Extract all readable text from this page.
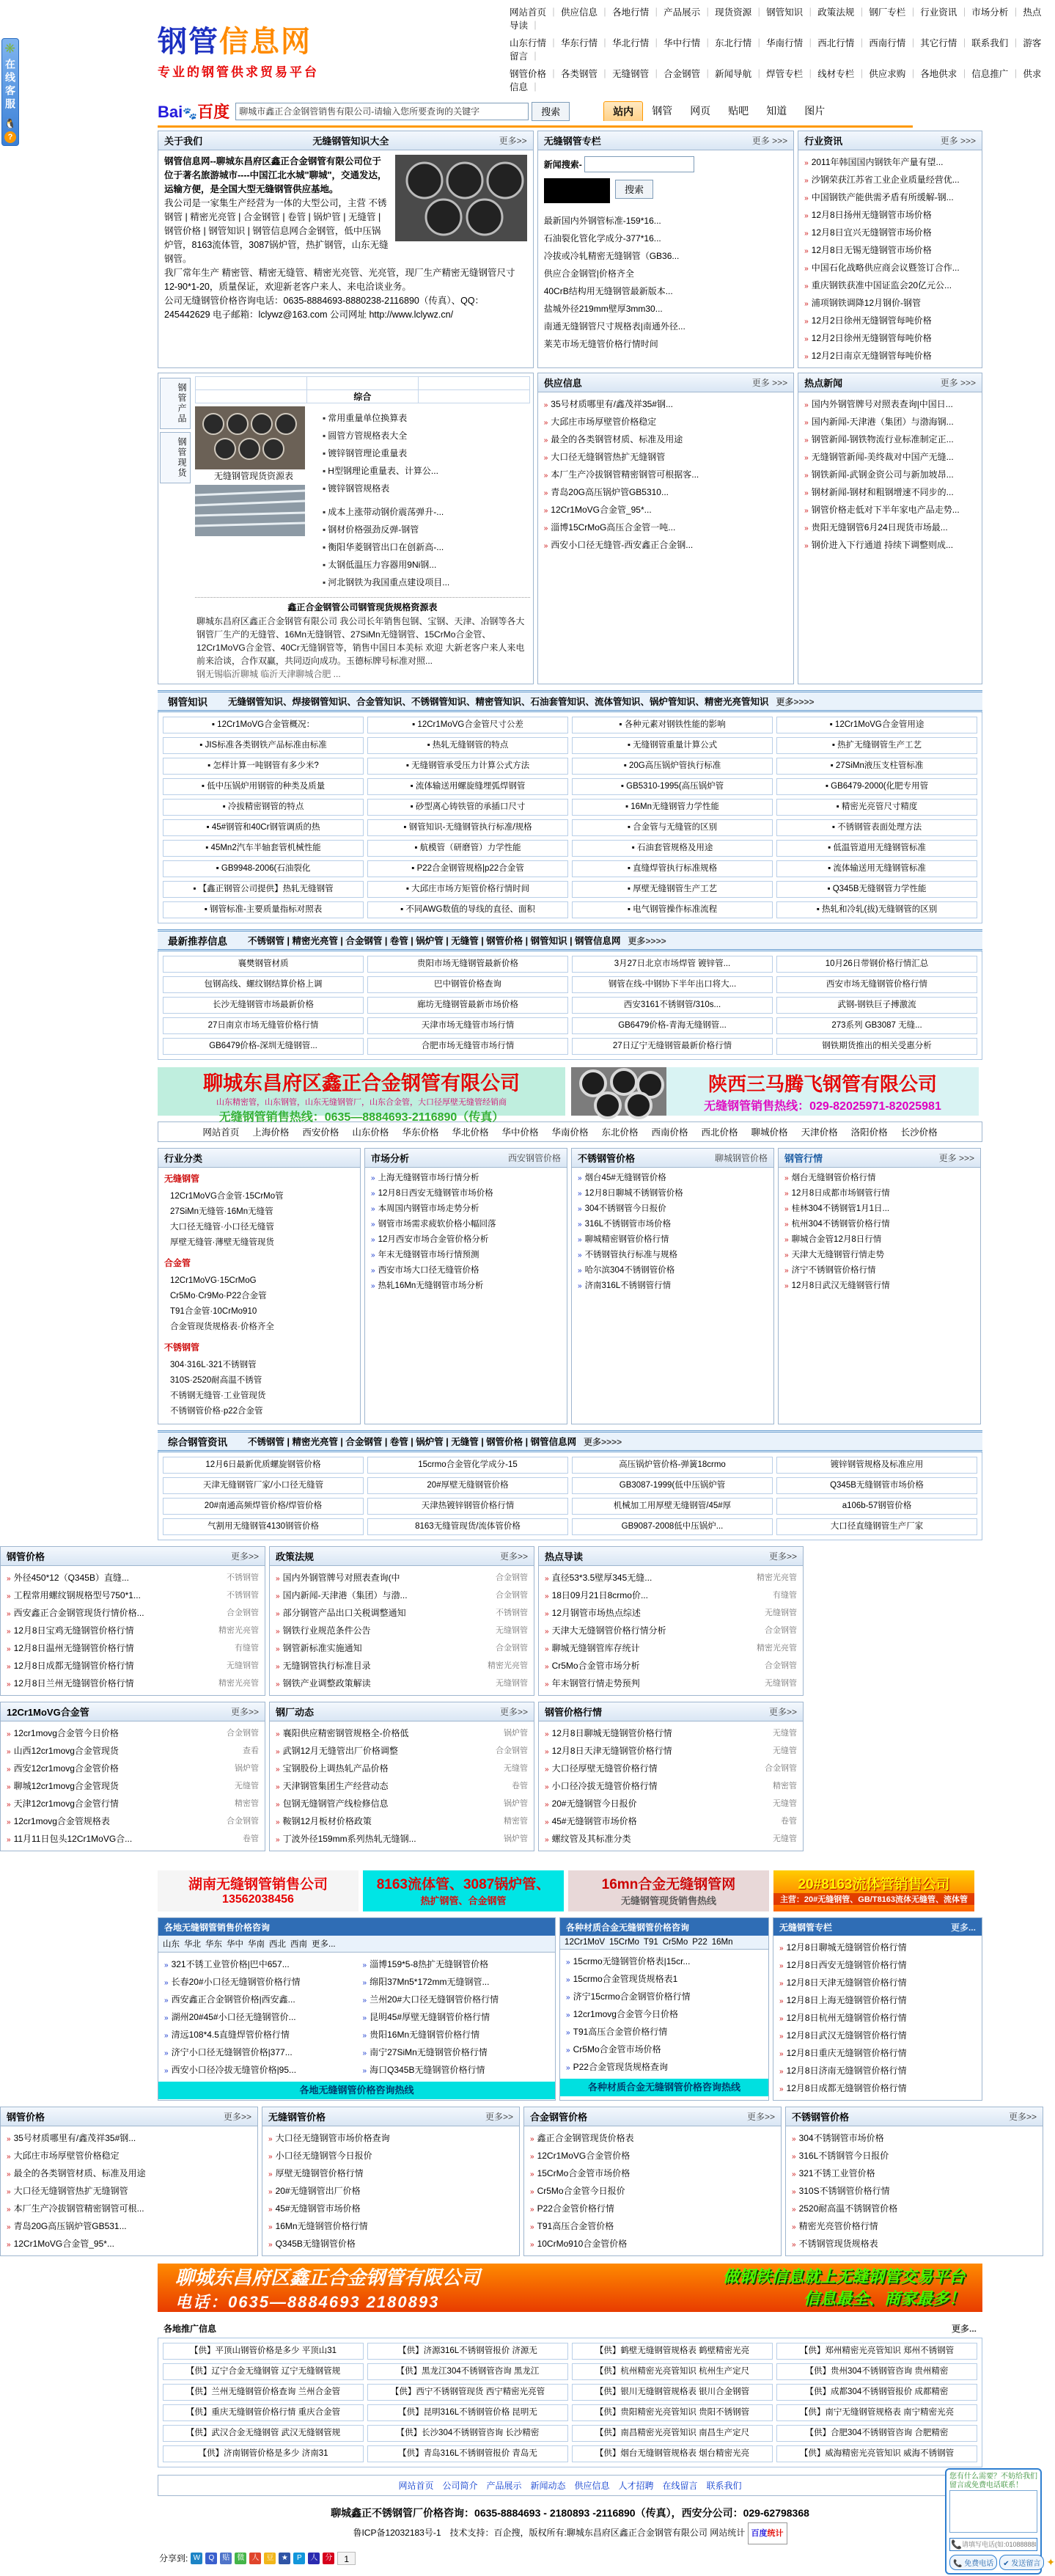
✳️
在线客服
🐧
?
钢管信息网
专业的钢管供求贸易平台
网站首页 ｜ 供应信息 ｜ 各地行情 ｜ 产品展示 ｜ 现货资源 ｜ 钢管知识 ｜ 政策法规 ｜ 钢厂专栏 ｜ 行业资讯 ｜ 市场分析 ｜ 热点导读 ｜
山东行情 ｜ 华东行情 ｜ 华北行情 ｜ 华中行情 ｜ 东北行情 ｜ 华南行情 ｜ 西北行情 ｜ 西南行情 ｜ 其它行情 ｜ 联系我们 ｜ 游客留言 ｜
钢管价格 ｜ 各类钢管 ｜ 无缝钢管 ｜ 合金钢管 ｜ 新闻导航 ｜ 焊管专栏 ｜ 线材专栏 ｜ 供应求购 ｜ 各地供求 ｜ 信息推广 ｜ 供求信息 ｜
Bai🐾百度
聊城市鑫正合金钢管销售有限公司-请输入您所要查询的关键字	搜索	站内	钢管	网页	贴吧	知道	图片
关于我们	无缝钢管知识大全	更多>>

钢管信息网--聊城东昌府区鑫正合金钢管有限公司位于位于著名旅游城市----中国江北水城"聊城"，交通发达，运输方便，是全国大型无缝钢管供应基地。

我公司是一家集生产经营为一体的大型公司，主营 不锈钢管 | 精密光亮管 | 合金钢管 | 卷管 | 锅炉管 | 无缝管 | 钢管价格 | 钢管知识 | 钢管信息网合金钢管，低中压锅炉管，8163流体管，3087锅炉管，热扩钢管，山东无缝钢管。

我厂常年生产 精密管、精密无缝管、精密光亮管、光亮管，现厂生产精密无缝钢管尺寸12-90*1-20，质量保证，欢迎新老客户来人、来电洽谈业务。

公司无缝钢管价格咨询电话：0635-8884693-8880238-2116890（传真）、QQ：245442629 电子邮箱：lclywz@163.com 公司网址 http://www.lclywz.cn/

无缝钢管专栏	更多 >>>
新闻搜索-
搜索
最新国内外钢管标准-159*16...
石油裂化管化学成分-377*16...
冷拔或冷轧精密无缝钢管（GB36...
供应合金钢管|价格齐全
40CrB结构用无缝钢管最新版本...
盐城外径219mm壁厚3mm30...
南通无缝钢管尺寸规格表|南通外径...
莱芜市场无缝管价格行情时间
行业资讯	更多 >>>
» 2011年韩国国内钢铁年产量有望...
» 沙钢荣获江苏省工业企业质量经营优...
» 中国钢铁产能供需矛盾有所缓解-钢...
» 12月8日扬州无缝钢管市场价格
» 12月8日宜兴无缝钢管市场价格
» 12月8日无锡无缝钢管市场价格
» 中国石化战略供应商会议暨签订合作...
» 重庆钢铁获准中国证监会20亿元公...
» 浦项钢铁调降12月钢价-钢管
» 12月2日徐州无缝钢管每吨价格
» 12月2日徐州无缝钢管每吨价格
» 12月2日南京无缝钢管每吨价格
钢管产品
钢管现货

	综合	
无缝钢管现货资源表
▪ 常用重量单位换算表
▪ 圆管方管规格表大全
▪ 镀锌钢管理论重量表
▪ H型钢理论重量表、计算公...
▪ 镀锌钢管规格表
▪ 成本上涨带动钢价震荡弹升-...
▪ 钢材价格强劲反弹-钢管
▪ 衡阳华菱钢管出口在创新高-...
▪ 太钢低温压力容器用9Ni钢...
▪ 河北钢铁为我国重点建设项目...
鑫正合金钢管公司钢管现货规格资源表
聊城东昌府区鑫正合金钢管有限公司 我公司长年销售包钢、宝钢、天津、冶钢等各大钢管厂生产的无缝管、16Mn无缝钢管、27SiMn无缝钢管、15CrMo合金管、12Cr1MoVG合金管、40Cr无缝钢管等，销售中国日本美标 欢迎 大新老客户来人来电前来洽谈，合作双赢，共同迈向成功。玉德标牌号标准对照...
钢无锡临沂聊城 临沂天津聊城合肥 ...
供应信息	更多 >>>
» 35号材质哪里有/鑫茂祥35#钢...
» 大邱庄市场厚壁管价格稳定
» 最全的各类钢管材质、标准及用途
» 大口径无缝钢管热扩无缝钢管
» 本厂生产冷拔钢管精密钢管可根据客...
» 青岛20G高压锅炉管GB5310...
» 12Cr1MoVG合金管_95*...
» 淄博15CrMoG高压合金管一吨...
» 西安小口径无缝管-西安鑫正合金钢...
热点新闻	更多 >>>
» 国内外钢管牌号对照表查询|中国日...
» 国内新闻-天津港（集团）与渤海钢...
» 钢管新闻-钢铁物流行业标准制定正...
» 无缝钢管新闻-美终裁对中国产无缝...
» 钢铁新闻-武钢金资公司与新加坡昂...
» 钢材新闻-钢材和粗钢增速不同步的...
» 钢管价格走低对下半年家电产品走势...
» 贵阳无缝钢管6月24日现货市场最...
» 钢价进入下行通道 持续下调整则成...
钢管知识 无缝钢管知识、焊接钢管知识、合金管知识、不锈钢管知识、精密管知识、石油套管知识、流体管知识、锅炉管知识、精密光亮管知识 更多>>>>
▪ 12Cr1MoVG合金管概况：	▪ 12Cr1MoVG合金管尺寸公差	▪ 各种元素对钢铁性能的影响	▪ 12Cr1MoVG合金管用途
▪ JIS标准各类钢铁产品标准由标准	▪ 热轧无缝钢管的特点	▪ 无缝钢管重量计算公式	▪ 热扩无缝钢管生产工艺
▪ 怎样计算一吨钢管有多少米?	▪ 无缝钢管承受压力计算公式方法	▪ 20G高压锅炉管执行标准	▪ 27SiMn液压支柱管标准
▪ 低中压锅炉用钢管的种类及质量	▪ 流体输送用螺旋缝埋弧焊钢管	▪ GB5310-1995(高压锅炉管	▪ GB6479-2000(化肥专用管
▪ 冷拔精密钢管的特点	▪ 砂型离心铸铁管的承插口尺寸	▪ 16Mn无缝钢管力学性能	▪ 精密光亮管尺寸精度
▪ 45#钢管和40Cr钢管调质的热	▪ 钢管知识-无缝钢管执行标准/规格	▪ 合金管与无缝管的区别	▪ 不锈钢管表面处理方法
▪ 45Mn2汽车半轴套管机械性能	▪ 航模管（研磨管）力学性能	▪ 石油套管规格及用途	▪ 低温管道用无缝钢管标准
▪ GB9948-2006(石油裂化	▪ P22合金钢管规格|p22合金管	▪ 直缝焊管执行标准规格	▪ 流体输送用无缝钢管标准
▪ 【鑫正钢管公司提供】热轧无缝钢管	▪ 大邱庄市场方矩管价格行情时间	▪ 厚壁无缝钢管生产工艺	▪ Q345B无缝钢管力学性能
▪ 钢管标准-主要质量指标对照表	▪ 不同AWG数值的导线的直径、面积	▪ 电气钢管操作标准流程	▪ 热轧和冷轧(拔)无缝钢管的区别
最新推荐信息 不锈钢管 | 精密光亮管 | 合金钢管 | 卷管 | 锅炉管 | 无缝管 | 钢管价格 | 钢管知识 | 钢管信息网 更多>>>>
襄樊钢管材质	贵阳市场无缝钢管最新价格	3月27日北京市场焊管 镀锌管...	10月26日带钢价格行情汇总
包钢高线、螺纹钢结算价格上调	巴中钢管价格查询	钢管在线-中钢协下半年出口将大...	西安市场无缝钢管价格行情
长沙无缝钢管市场最新价格	廊坊无缝钢管最新市场价格	西安3161不锈钢管/310s...	武钢-钢铁巨子搏激流
27日南京市场无缝管价格行情	天津市场无缝管市场行情	GB6479价格-青海无缝钢管...	273系列 GB3087 无缝...
GB6479价格-深圳无缝钢管...	合肥市场无缝管市场行情	27日辽宁无缝钢管最新价格行情	钢铁期货推出的相关受惠分析
聊城东昌府区鑫正合金钢管有限公司
山东精密管，山东钢管，山东无缝钢管厂，山东合金管，大口径厚壁无缝管经销商
无缝钢管销售热线：0635—8884693-2116890（传真）
陕西三马腾飞钢管有限公司
无缝钢管销售热线：029-82025971-82025981
网站首页 上海价格 西安价格 山东价格 华东价格 华北价格 华中价格 华南价格 东北价格 西南价格 西北价格 聊城价格 天津价格 洛阳价格 长沙价格
行业分类
无缝钢管
12Cr1MoVG合金管·15CrMo管
27SiMn无缝管·16Mn无缝管
大口径无缝管·小口径无缝管
厚壁无缝管·薄壁无缝管现货
合金管
12Cr1MoVG·15CrMoG
Cr5Mo·Cr9Mo·P22合金管
T91合金管·10CrMo910
合金管现货规格表·价格齐全
不锈钢管
304·316L·321不锈钢管
310S·2520耐高温不锈管
不锈钢无缝管·工业管现货
不锈钢管价格·p22合金管
市场分析	西安钢管价格
» 上海无缝钢管市场行情分析
» 12月8日西安无缝钢管市场价格
» 本周国内钢管市场走势分析
» 钢管市场需求疲软价格小幅回落
» 12月西安市场合金管价格分析
» 年末无缝钢管市场行情预测
» 西安市场大口径无缝管价格
» 热轧16Mn无缝钢管市场分析
不锈钢管价格	聊城钢管价格
» 烟台45#无缝钢管价格
» 12月8日聊城不锈钢管价格
» 304不锈钢管今日报价
» 316L不锈钢管市场价格
» 聊城精密钢管价格行情
» 不锈钢管执行标准与规格
» 哈尔滨304不锈钢管价格
» 济南316L不锈钢管行情
钢管行情	更多 >>>
» 烟台无缝钢管价格行情
» 12月8日成都市场钢管行情
» 桂林304不锈钢管1月1日...
» 杭州304不锈钢管价格行情
» 聊城合金管12月8日行情
» 天津大无缝钢管行情走势
» 济宁不锈钢管价格行情
» 12月8日武汉无缝钢管行情
综合钢管资讯 不锈钢管 | 精密光亮管 | 合金钢管 | 卷管 | 锅炉管 | 无缝管 | 钢管价格 | 钢管信息网 更多>>>>
12月6日最新优质螺旋钢管价格	15crmo合金管化学成分-15	高压锅炉管价格-弹簧18crmo	镀锌钢管规格及标准应用
天津无缝钢管厂家/小口径无缝管	20#厚壁无缝钢管价格	GB3087-1999(低中压锅炉管	Q345B无缝钢管市场价格
20#南通高频焊管价格/焊管价格	天津热镀锌钢管价格行情	机械加工用厚壁无缝钢管/45#厚	a106b-57钢管价格
气割用无缝钢管4130钢管价格	8163无缝管现货/流体管价格	GB9087-2008低中压锅炉...	大口径直缝钢管生产厂家
钢管价格	更多>>
» 外径450*12（Q345B）直缝...	不锈钢管
» 工程常用螺纹钢规格型号750*1...	不锈钢管
» 西安鑫正合金钢管现货行情价格...	合金钢管
» 12月8日宝鸡无缝钢管价格行情	精密光亮管
» 12月8日温州无缝钢管价格行情	有缝管
» 12月8日成都无缝钢管价格行情	无缝钢管
» 12月8日兰州无缝钢管价格行情	精密光亮管
政策法规	更多>>
» 国内外钢管牌号对照表查询(中	合金钢管
» 国内新闻-天津港（集团）与渤...	合金钢管
» 部分钢管产品出口关税调整通知	不锈钢管
» 钢铁行业规范条件公告	无缝钢管
» 钢管新标准实施通知	合金钢管
» 无缝钢管执行标准目录	精密光亮管
» 钢铁产业调整政策解读	无缝钢管
热点导读	更多>>
» 直径53*3.5壁厚345无缝...	精密光亮管
» 18日09月21日8crmo价...	有缝管
» 12月钢管市场热点综述	无缝钢管
» 天津大无缝钢管价格行情分析	合金钢管
» 聊城无缝钢管库存统计	精密光亮管
» Cr5Mo合金管市场分析	合金钢管
» 年末钢管行情走势预判	无缝钢管
12Cr1MoVG合金管	更多>>
» 12cr1movg合金管今日价格	合金钢管
» 山西12cr1movg合金管现货	查看
» 西安12cr1movg合金管价格	锅炉管
» 聊城12cr1movg合金管现货	无缝管
» 天津12cr1movg合金管行情	精密管
» 12cr1movg合金管规格表	合金钢管
» 11月11日包头12Cr1MoVG合...	卷管
钢厂动态	更多>>
» 襄阳供应精密钢管规格全-价格低	锅炉管
» 武钢12月无缝管出厂价格调整	合金钢管
» 宝钢股份上调热轧产品价格	无缝管
» 天津钢管集团生产经营动态	卷管
» 包钢无缝钢管产线检修信息	锅炉管
» 鞍钢12月板材价格政策	精密管
» 丁波外径159mm系列热轧无缝钢...	锅炉管
钢管价格行情	更多>>
» 12月8日聊城无缝钢管价格行情	无缝管
» 12月8日天津无缝钢管价格行情	无缝管
» 大口径厚壁无缝管价格行情	合金钢管
» 小口径冷拔无缝管价格行情	精密管
» 20#无缝钢管今日报价	无缝管
» 45#无缝钢管市场价格	卷管
» 螺纹管及其标准分类	无缝管
湖南无缝钢管销售公司
13562038456
8163流体管、3087锅炉管、
热扩钢管、合金钢管
16mn合金无缝钢管网
无缝钢管现货销售热线
20#8163流体管销售公司
主营：20#无缝钢管、GB/T8163流体无缝管、流体管
各地无缝钢管销售价格咨询
山东 华北 华东 华中 华南 西北 西南 更多...
» 321不锈工业管价格|巴中657...
» 长春20#小口径无缝钢管价格行情
» 西安鑫正合金钢管价格|西安鑫...
» 湖州20#45#小口径无缝钢管价...
» 清远108*4.5直缝焊管价格行情
» 济宁小口径无缝钢管价格|377...
» 西安小口径冷拔无缝管价格|95...
» 淄博159*5-8热扩无缝钢管价格
» 绵阳37Mn5*172mm无缝钢管...
» 兰州20#大口径无缝钢管价格行情
» 昆明45#厚壁无缝钢管价格行情
» 贵阳16Mn无缝钢管价格行情
» 南宁27SiMn无缝钢管价格行情
» 海口Q345B无缝钢管价格行情
各地无缝钢管价格咨询热线
各种材质合金无缝钢管价格咨询
12Cr1MoV 15CrMo T91 Cr5Mo P22 16Mn
» 15crmo无缝钢管价格表|15cr...
» 15crmo合金管现货规格表1
» 济宁15crmo合金钢管价格行情
» 12cr1movg合金管今日价格
» T91高压合金管价格行情
» Cr5Mo合金管市场价格
» P22合金管现货规格查询
各种材质合金无缝钢管价格咨询热线
无缝钢管专栏	更多...
» 12月8日聊城无缝钢管价格行情
» 12月8日西安无缝钢管价格行情
» 12月8日天津无缝钢管价格行情
» 12月8日上海无缝钢管价格行情
» 12月8日杭州无缝钢管价格行情
» 12月8日武汉无缝钢管价格行情
» 12月8日重庆无缝钢管价格行情
» 12月8日济南无缝钢管价格行情
» 12月8日成都无缝钢管价格行情
钢管价格	更多>>
» 35号材质哪里有/鑫茂祥35#钢...
» 大邱庄市场厚壁管价格稳定
» 最全的各类钢管材质、标准及用途
» 大口径无缝钢管热扩无缝钢管
» 本厂生产冷拔钢管精密钢管可根...
» 青岛20G高压锅炉管GB531...
» 12Cr1MoVG合金管_95*...
无缝钢管价格	更多>>
» 大口径无缝钢管市场价格查询
» 小口径无缝钢管今日报价
» 厚壁无缝钢管价格行情
» 20#无缝钢管出厂价格
» 45#无缝钢管市场价格
» 16Mn无缝钢管价格行情
» Q345B无缝钢管价格
合金钢管价格	更多>>
» 鑫正合金钢管现货价格表
» 12Cr1MoVG合金管价格
» 15CrMo合金管市场价格
» Cr5Mo合金管今日报价
» P22合金管价格行情
» T91高压合金管价格
» 10CrMo910合金管价格
不锈钢管价格	更多>>
» 304不锈钢管市场价格
» 316L不锈钢管今日报价
» 321不锈工业管价格
» 310S不锈钢管价格行情
» 2520耐高温不锈钢管价格
» 精密光亮管价格行情
» 不锈钢管现货规格表
聊城东昌府区鑫正合金钢管有限公司
电话：0635—8884693 2180893
做钢铁信息就上无缝钢管交易平台
信息最全、商家最多！
各地推广信息	更多...
【供】平顶山钢管价格是多少 平顶山31	【供】济源316L不锈钢管报价 济源无	【供】鹤壁无缝钢管规格表 鹤壁精密光亮	【供】郑州精密光亮管知识 郑州不锈钢管
【供】辽宁合金无缝钢管 辽宁无缝钢管规	【供】黑龙江304不锈钢管咨询 黑龙江	【供】杭州精密光亮管知识 杭州生产定尺	【供】贵州304不锈钢管咨询 贵州精密
【供】兰州无缝钢管价格查询 兰州合金管	【供】西宁不锈钢管现货 西宁精密光亮管	【供】银川无缝钢管规格表 银川合金钢管	【供】成都304不锈钢管报价 成都精密
【供】重庆无缝钢管价格行情 重庆合金管	【供】昆明316L不锈钢管价格 昆明无	【供】贵阳精密光亮管知识 贵阳不锈钢管	【供】南宁无缝钢管规格表 南宁精密光亮
【供】武汉合金无缝钢管 武汉无缝钢管规	【供】长沙304不锈钢管咨询 长沙精密	【供】南昌精密光亮管知识 南昌生产定尺	【供】合肥304不锈钢管咨询 合肥精密
【供】济南钢管价格是多少 济南31	【供】青岛316L不锈钢管报价 青岛无	【供】烟台无缝钢管规格表 烟台精密光亮	【供】威海精密光亮管知识 威海不锈钢管
网站首页 公司简介 产品展示 新闻动态 供应信息 人才招聘 在线留言 联系我们
聊城鑫正不锈钢管厂价格咨询：0635-8884693 - 2180893 -2116890（传真），西安分公司：029-62798368
鲁ICP备12032183号-1　技术支持：百企搜，版权所有:聊城东昌府区鑫正合金钢管有限公司 网站统计 百度统计
分享到: W	Q	贴	微	人	豆	★	P	人	分	1
您有什么需要？不妨给我们留言或免费电话联系！
📞
请填写电话(如:01088888888)
📞 免费电话	✔ 发送留言 ✦
